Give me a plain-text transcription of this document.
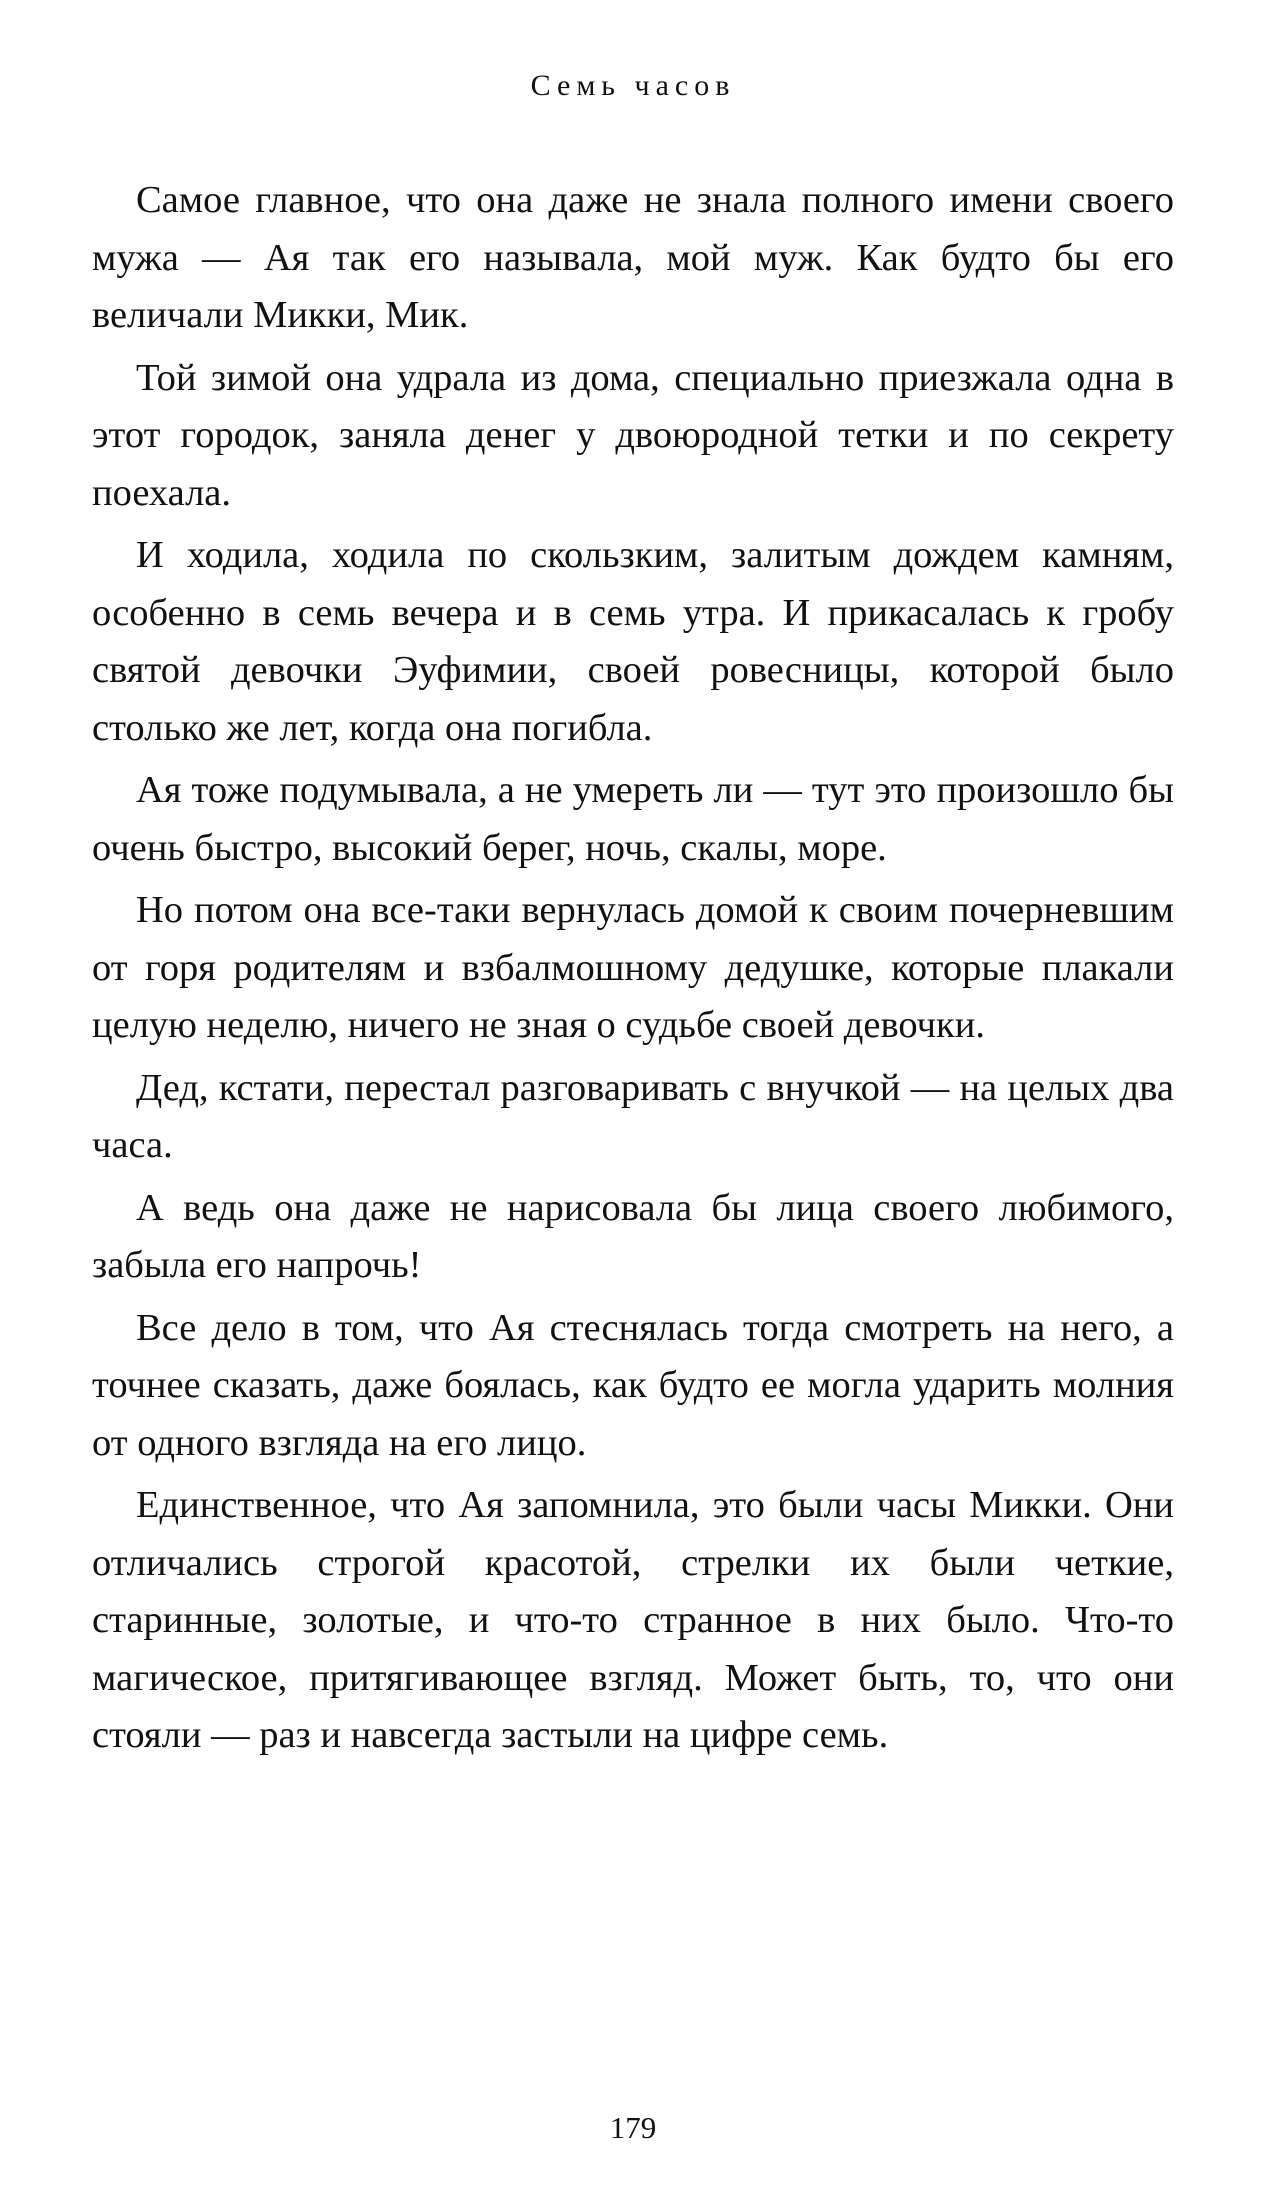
Семь часов

Самое главное, что она даже не знала полного имени своего мужа — Ая так его называла, мой муж. Как будто бы его величали Микки, Мик.

Той зимой она удрала из дома, специально приезжала одна в этот городок, заняла денег у двоюродной тетки и по секрету поехала.

И ходила, ходила по скользким, залитым дождем камням, особенно в семь вечера и в семь утра. И прикасалась к гробу святой девочки Эуфимии, своей ровесницы, которой было столько же лет, когда она погибла.

Ая тоже подумывала, а не умереть ли — тут это произошло бы очень быстро, высокий берег, ночь, скалы, море.

Но потом она все-таки вернулась домой к своим почерневшим от горя родителям и взбалмошному дедушке, которые плакали целую неделю, ничего не зная о судьбе своей девочки.

Дед, кстати, перестал разговаривать с внучкой — на целых два часа.

А ведь она даже не нарисовала бы лица своего любимого, забыла его напрочь!

Все дело в том, что Ая стеснялась тогда смотреть на него, а точнее сказать, даже боялась, как будто ее могла ударить молния от одного взгляда на его лицо.

Единственное, что Ая запомнила, это были часы Микки. Они отличались строгой красотой, стрелки их были четкие, старинные, золотые, и что-то странное в них было. Что-то магическое, притягивающее взгляд. Может быть, то, что они стояли — раз и навсегда застыли на цифре семь.

179
